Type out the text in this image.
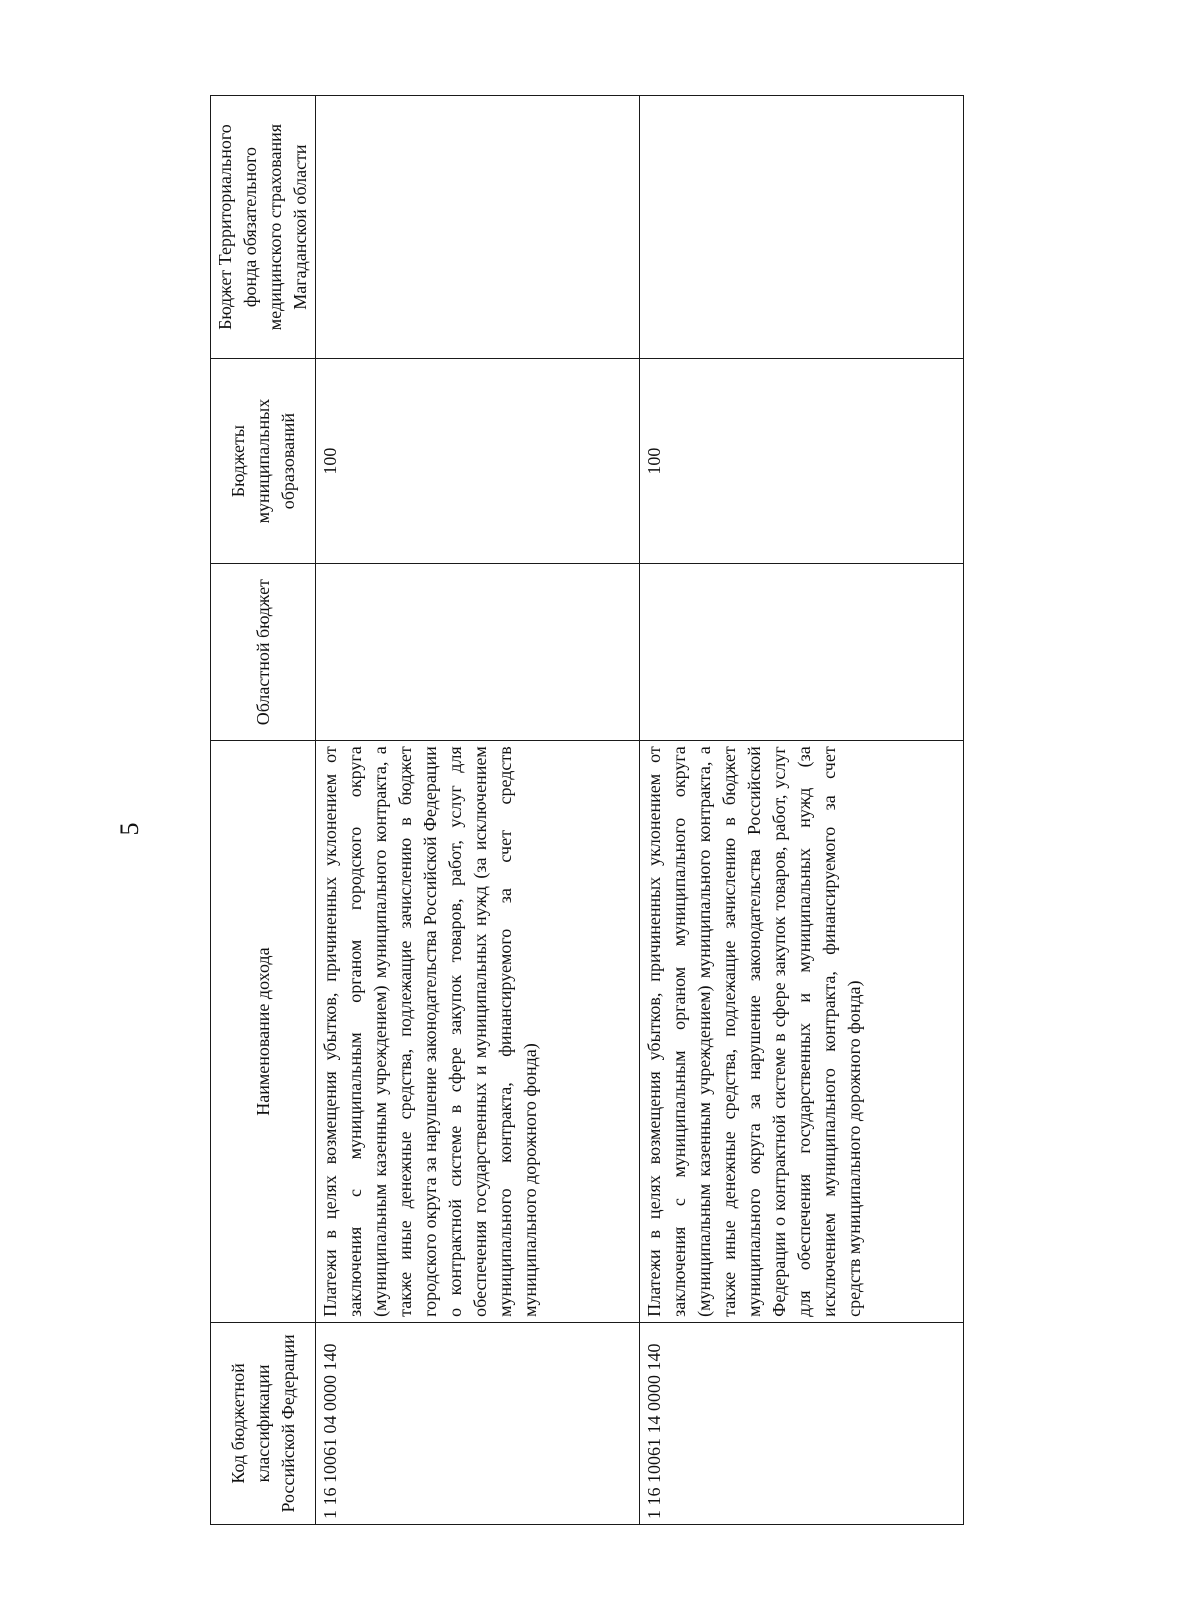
5
Код бюджетной классификации Российской Федерации	Наименование дохода	Областной бюджет	Бюджеты муниципальных образований	Бюджет Территориального фонда обязательного медицинского страхования Магаданской области
1 16 10061 04 0000 140	Платежи в целях возмещения убытков, причиненных уклонением от заключения с муниципальным органом городского округа (муниципальным казенным учреждением) муниципального контракта, а также иные денежные средства, подлежащие зачислению в бюджет городского округа за нарушение законодательства Российской Федерации о контрактной системе в сфере закупок товаров, работ, услуг для обеспечения государственных и муниципальных нужд (за исключением муниципального контракта, финансируемого за счет средств муниципального дорожного фонда)		100	
1 16 10061 14 0000 140	Платежи в целях возмещения убытков, причиненных уклонением от заключения с муниципальным органом муниципального округа (муниципальным казенным учреждением) муниципального контракта, а также иные денежные средства, подлежащие зачислению в бюджет муниципального округа за нарушение законодательства Российской Федерации о контрактной системе в сфере закупок товаров, работ, услуг для обеспечения государственных и муниципальных нужд (за исключением муниципального контракта, финансируемого за счет средств муниципального дорожного фонда)		100	
